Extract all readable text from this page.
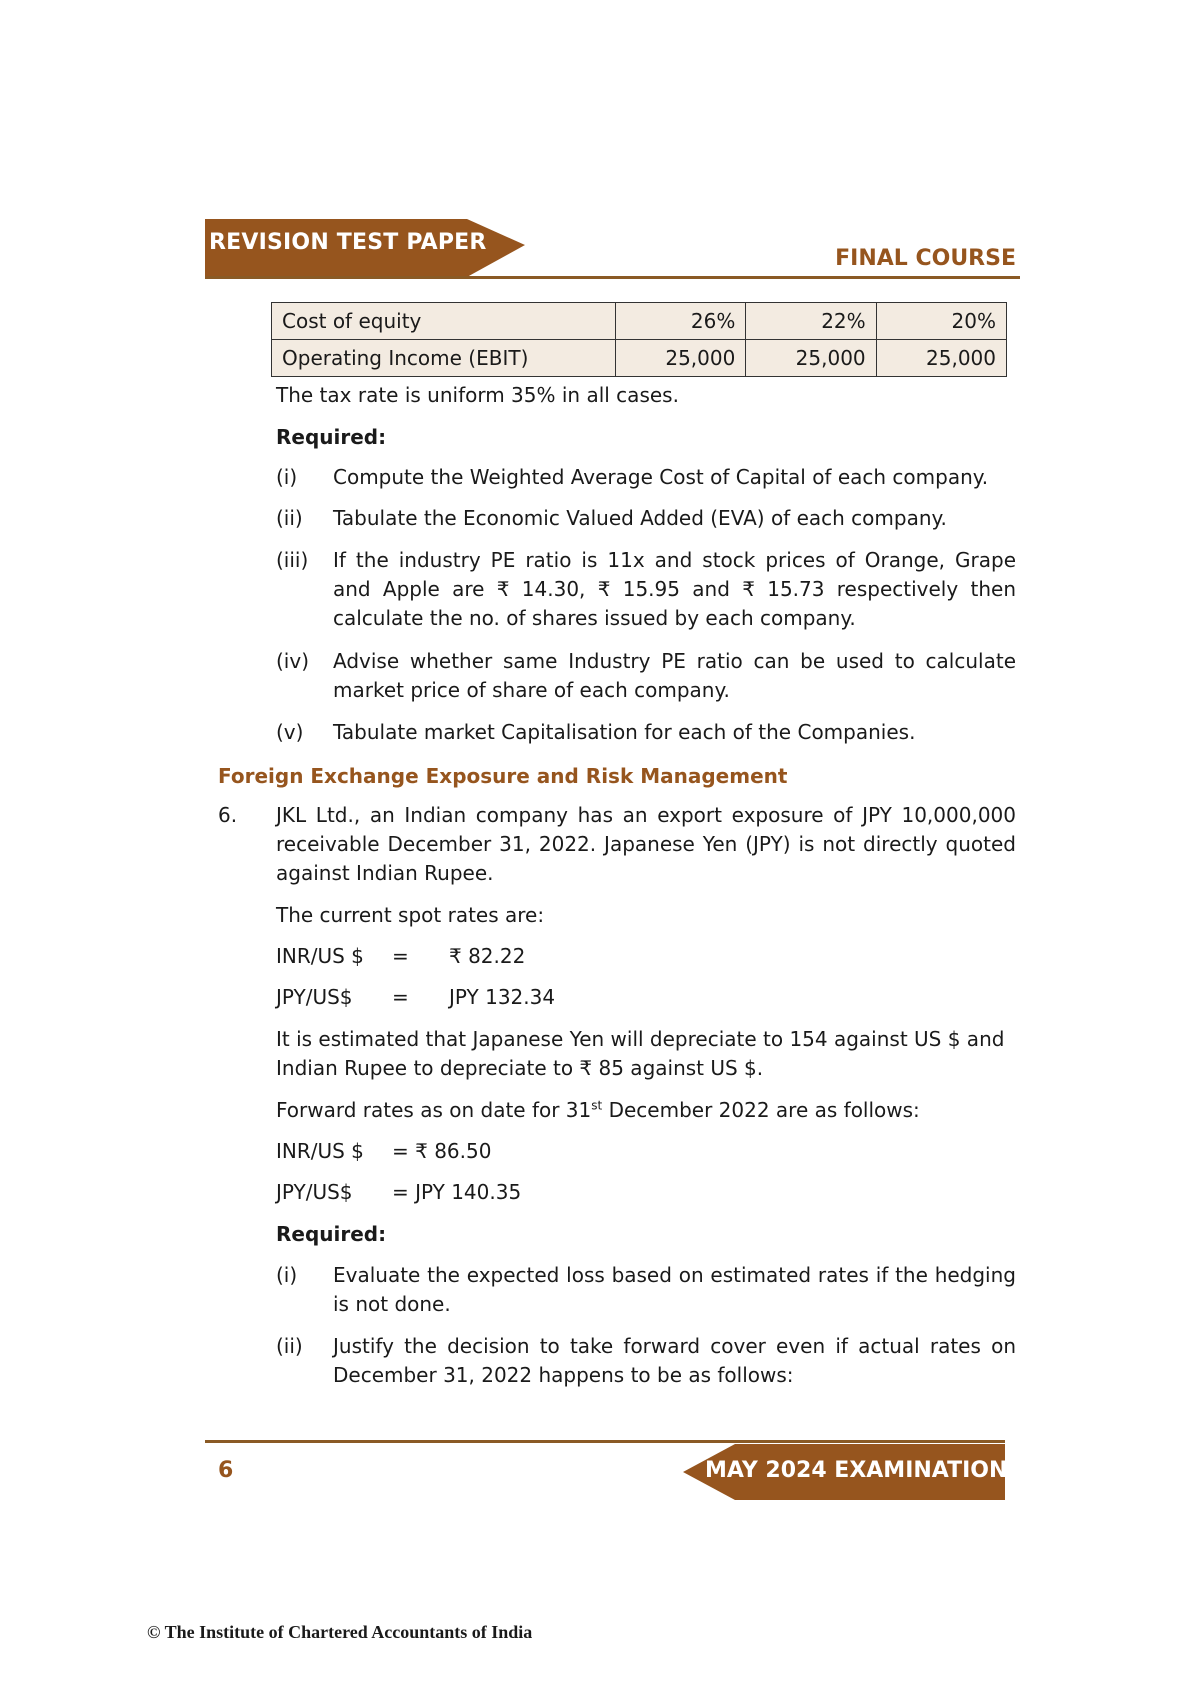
REVISION TEST PAPER
FINAL COURSE
Cost of equity	26%	22%	20%
Operating Income (EBIT)	25,000	25,000	25,000
The tax rate is uniform 35% in all cases.
Required:
(i) Compute the Weighted Average Cost of Capital of each company.
(ii) Tabulate the Economic Valued Added (EVA) of each company.
(iii) If the industry PE ratio is 11x and stock prices of Orange, Grape and Apple are ₹ 14.30, ₹ 15.95 and ₹ 15.73 respectively then calculate the no. of shares issued by each company.
(iv) Advise whether same Industry PE ratio can be used to calculate market price of share of each company.
(v) Tabulate market Capitalisation for each of the Companies.
Foreign Exchange Exposure and Risk Management
6. JKL Ltd., an Indian company has an export exposure of JPY 10,000,000 receivable December 31, 2022. Japanese Yen (JPY) is not directly quoted against Indian Rupee.
The current spot rates are:
INR/US $ = ₹ 82.22
JPY/US$ = JPY 132.34
It is estimated that Japanese Yen will depreciate to 154 against US $ and Indian Rupee to depreciate to ₹ 85 against US $.
Forward rates as on date for 31st December 2022 are as follows:
INR/US $ = ₹ 86.50
JPY/US$ = JPY 140.35
Required:
(i) Evaluate the expected loss based on estimated rates if the hedging is not done.
(ii) Justify the decision to take forward cover even if actual rates on December 31, 2022 happens to be as follows:
6	MAY 2024 EXAMINATION
© The Institute of Chartered Accountants of India
